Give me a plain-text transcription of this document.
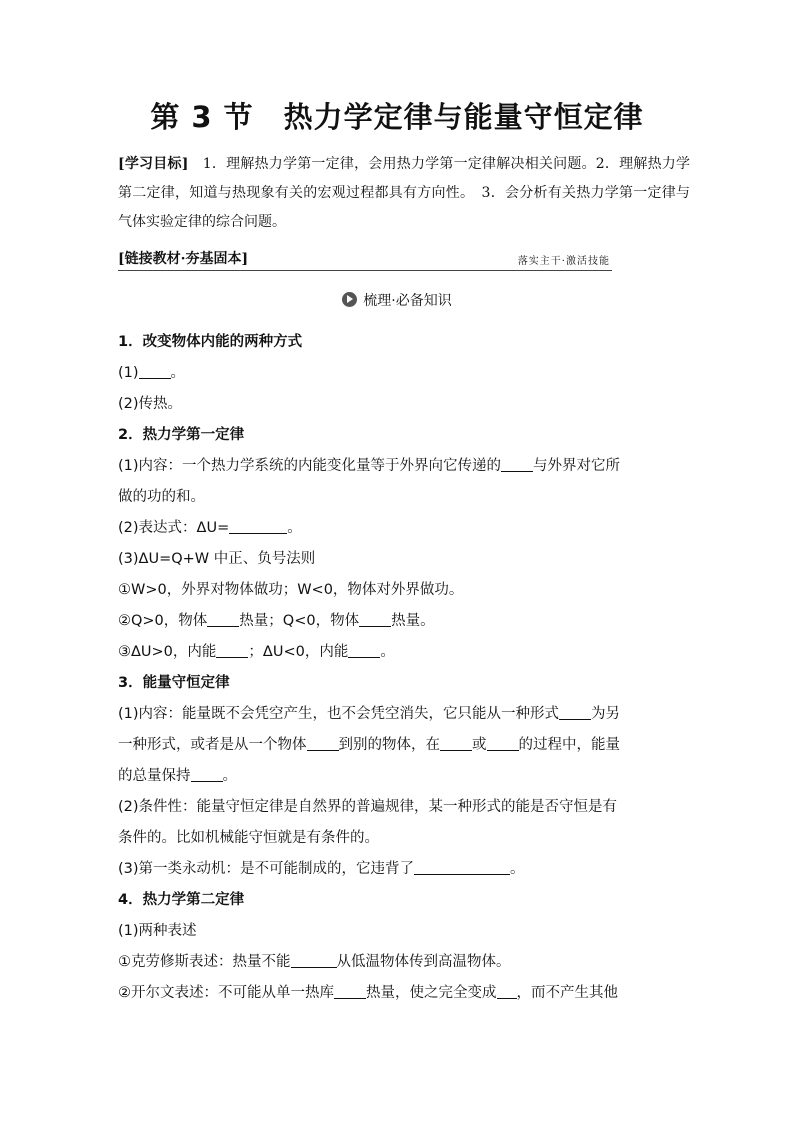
第 3 节　热力学定律与能量守恒定律
[学习目标]　1．理解热力学第一定律，会用热力学第一定律解决相关问题。2．理解热力学第二定律，知道与热现象有关的宏观过程都具有方向性。　3．会分析有关热力学第一定律与气体实验定律的综合问题。
[链接教材·夯基固本]	落实主干·激活技能
梳理·必备知识
1．改变物体内能的两种方式
(1) 。
(2)传热。
2．热力学第一定律
(1)内容：一个热力学系统的内能变化量等于外界向它传递的 与外界对它所
做的功的和。
(2)表达式：ΔU=	。
(3)ΔU=Q+W 中正、负号法则
①W>0，外界对物体做功；W<0，物体对外界做功。
②Q>0，物体 热量；Q<0，物体 热量。
③ΔU>0，内能 ；ΔU<0，内能 。
3．能量守恒定律
(1)内容：能量既不会凭空产生，也不会凭空消失，它只能从一种形式 为另
一种形式，或者是从一个物体 到别的物体，在 或 的过程中，能量
的总量保持 。
(2)条件性：能量守恒定律是自然界的普遍规律，某一种形式的能是否守恒是有
条件的。比如机械能守恒就是有条件的。
(3)第一类永动机：是不可能制成的，它违背了	。
4．热力学第二定律
(1)两种表述
①克劳修斯表述：热量不能	从低温物体传到高温物体。
②开尔文表述：不可能从单一热库 热量，使之完全变成 ，而不产生其他
